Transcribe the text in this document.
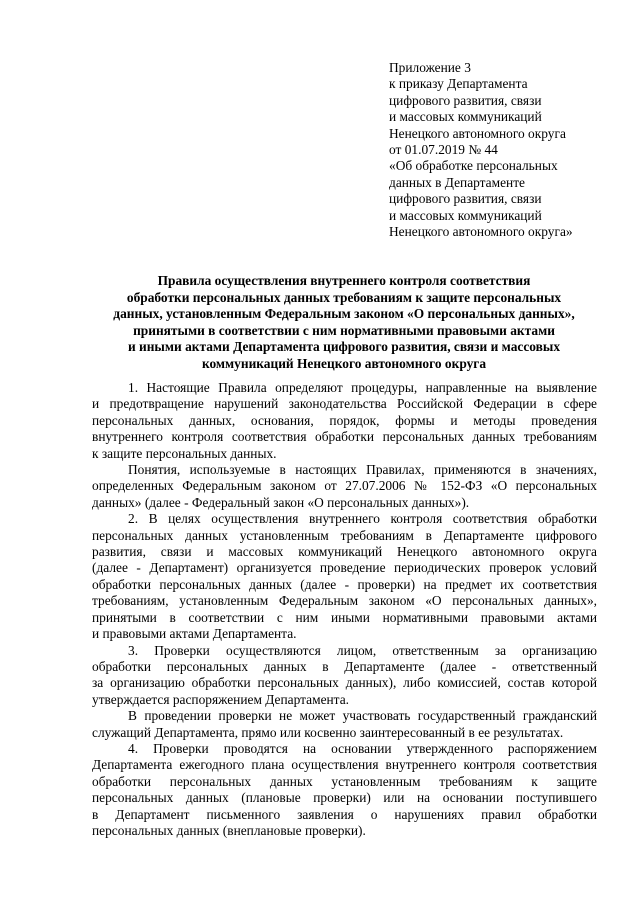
Приложение 3
к приказу Департамента
цифрового развития, связи
и массовых коммуникаций
Ненецкого автономного округа
от 01.07.2019 № 44
«Об обработке персональных
данных в Департаменте
цифрового развития, связи
и массовых коммуникаций
Ненецкого автономного округа»
Правила осуществления внутреннего контроля соответствия
обработки персональных данных требованиям к защите персональных
данных, установленным Федеральным законом «О персональных данных»,
принятыми в соответствии с ним нормативными правовыми актами
и иными актами Департамента цифрового развития, связи и массовых
коммуникаций Ненецкого автономного округа
1. Настоящие Правила определяют процедуры, направленные на выявление
и предотвращение нарушений законодательства Российской Федерации в сфере
персональных данных, основания, порядок, формы и методы проведения
внутреннего контроля соответствия обработки персональных данных требованиям
к защите персональных данных.
Понятия, используемые в настоящих Правилах, применяются в значениях,
определенных Федеральным законом от 27.07.2006 № 152-ФЗ «О персональных
данных» (далее - Федеральный закон «О персональных данных»).
2. В целях осуществления внутреннего контроля соответствия обработки
персональных данных установленным требованиям в Департаменте цифрового
развития, связи и массовых коммуникаций Ненецкого автономного округа
(далее - Департамент) организуется проведение периодических проверок условий
обработки персональных данных (далее - проверки) на предмет их соответствия
требованиям, установленным Федеральным законом «О персональных данных»,
принятыми в соответствии с ним иными нормативными правовыми актами
и правовыми актами Департамента.
3. Проверки осуществляются лицом, ответственным за организацию
обработки персональных данных в Департаменте (далее - ответственный
за организацию обработки персональных данных), либо комиссией, состав которой
утверждается распоряжением Департамента.
В проведении проверки не может участвовать государственный гражданский
служащий Департамента, прямо или косвенно заинтересованный в ее результатах.
4. Проверки проводятся на основании утвержденного распоряжением
Департамента ежегодного плана осуществления внутреннего контроля соответствия
обработки персональных данных установленным требованиям к защите
персональных данных (плановые проверки) или на основании поступившего
в Департамент письменного заявления о нарушениях правил обработки
персональных данных (внеплановые проверки).
